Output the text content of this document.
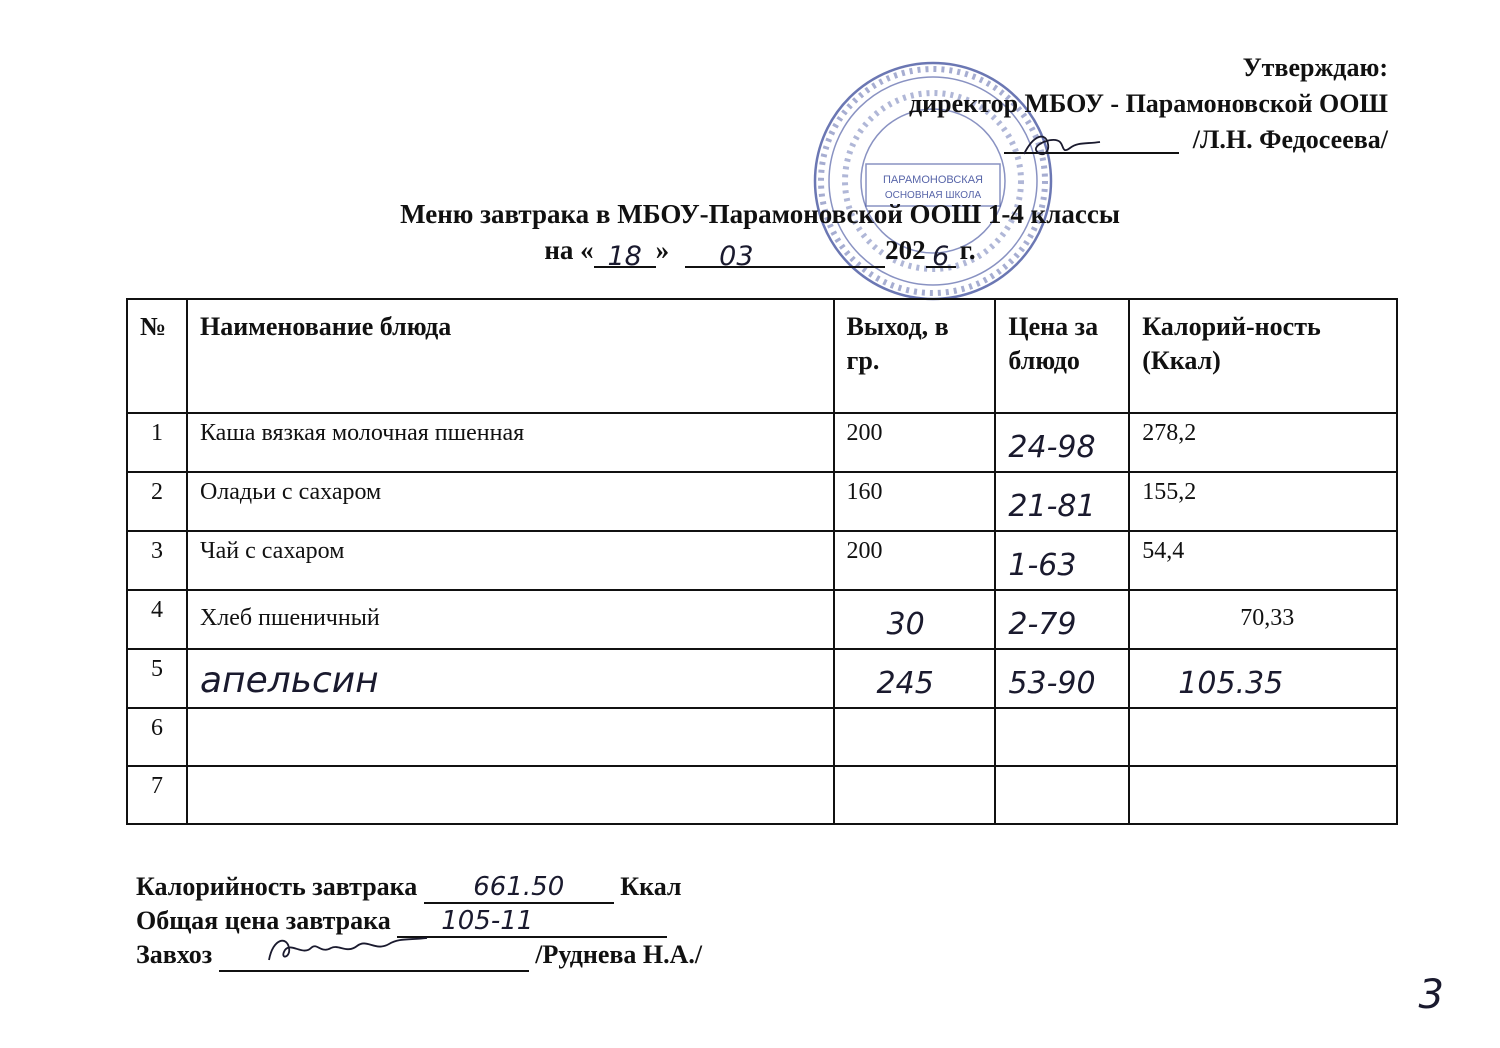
ПАРАМОНОВСКАЯ
ОСНОВНАЯ ШКОЛА
Утверждаю:
директор МБОУ - Парамоновской ООШ
/Л.Н. Федосеева/
Меню завтрака в МБОУ-Парамоновской ООШ 1-4 классы
на « 18 » 03	202 6 г.
№	Наименование блюда	Выход, в гр.	Цена за блюдо	Калорий-ность (Ккал)
1	Каша вязкая молочная пшенная	200	24-98	278,2
2	Оладьи с сахаром	160	21-81	155,2
3	Чай с сахаром	200	1-63	54,4
4	Хлеб пшеничный	30	2-79	70,33
5	апельсин	245	53-90	105.35

6				
7				
Калорийность завтрака 661.50 Ккал
Общая цена завтрака 105-11
Завхоз	/Руднева Н.А./
3
